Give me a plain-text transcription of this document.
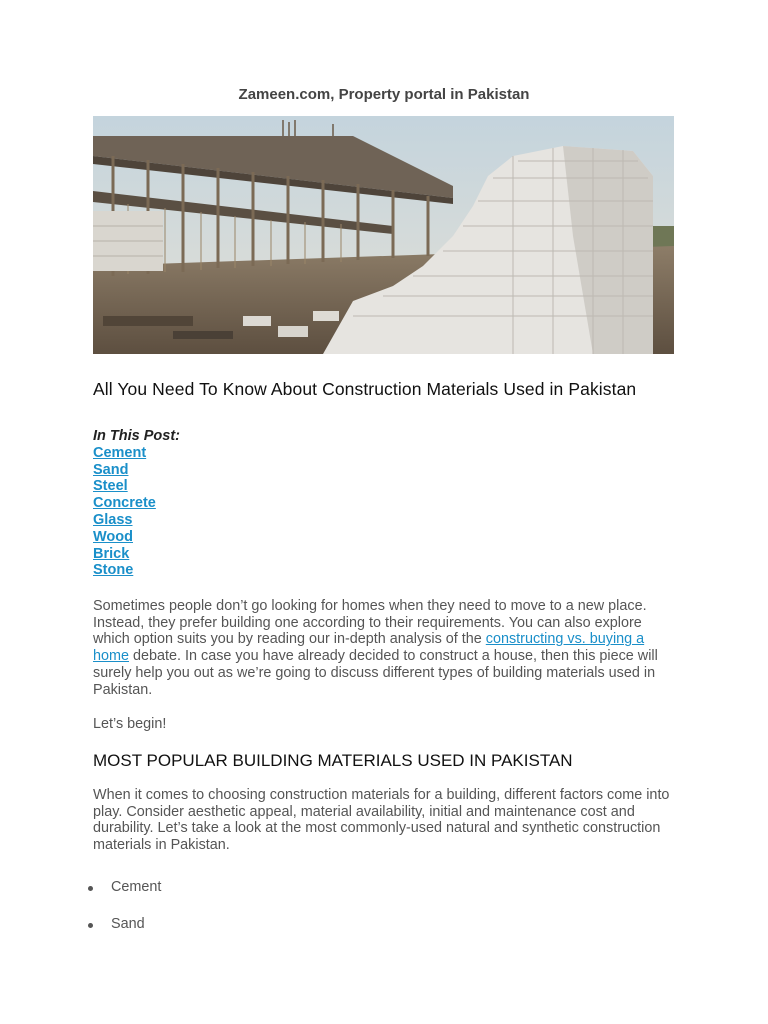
Zameen.com, Property portal in Pakistan
All You Need To Know About Construction Materials Used in Pakistan
In This Post:
Cement
Sand
Steel
Concrete
Glass
Wood
Brick
Stone

Sometimes people don’t go looking for homes when they need to move to a new place. Instead, they prefer building one according to their requirements. You can also explore which option suits you by reading our in-depth analysis of the constructing vs. buying a home debate. In case you have already decided to construct a house, then this piece will surely help you out as we’re going to discuss different types of building materials used in Pakistan.

Let’s begin!

MOST POPULAR BUILDING MATERIALS USED IN PAKISTAN

When it comes to choosing construction materials for a building, different factors come into play. Consider aesthetic appeal, material availability, initial and maintenance cost and durability. Let’s take a look at the most commonly-used natural and synthetic construction materials in Pakistan.

Cement
Sand
